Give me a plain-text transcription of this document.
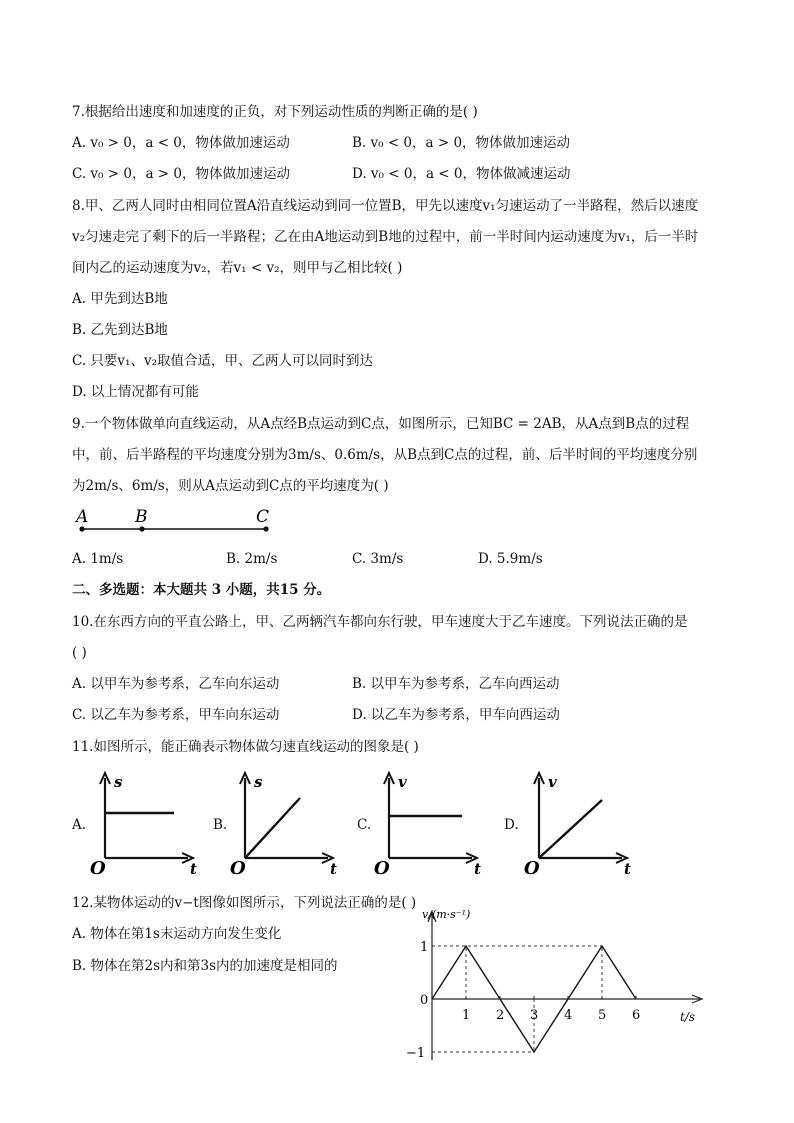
7.根据给出速度和加速度的正负，对下列运动性质的判断正确的是( )
A. v₀ > 0，a < 0，物体做加速运动	B. v₀ < 0，a > 0，物体做加速运动
C. v₀ > 0，a > 0，物体做加速运动	D. v₀ < 0，a < 0，物体做减速运动
8.甲、乙两人同时由相同位置A沿直线运动到同一位置B，甲先以速度v₁匀速运动了一半路程，然后以速度
v₂匀速走完了剩下的后一半路程；乙在由A地运动到B地的过程中，前一半时间内运动速度为v₁，后一半时
间内乙的运动速度为v₂，若v₁ < v₂，则甲与乙相比较( )
A. 甲先到达B地
B. 乙先到达B地
C. 只要v₁、v₂取值合适，甲、乙两人可以同时到达
D. 以上情况都有可能
9.一个物体做单向直线运动，从A点经B点运动到C点，如图所示，已知BC = 2AB，从A点到B点的过程
中，前、后半路程的平均速度分别为3m/s、0.6m/s，从B点到C点的过程，前、后半时间的平均速度分别
为2m/s、6m/s，则从A点运动到C点的平均速度为( )
A	B	C
A. 1m/s	B. 2m/s	C. 3m/s	D. 5.9m/s
二、多选题：本大题共 3 小题，共15 分。
10.在东西方向的平直公路上，甲、乙两辆汽车都向东行驶，甲车速度大于乙车速度。下列说法正确的是
( )
A. 以甲车为参考系，乙车向东运动	B. 以甲车为参考系，乙车向西运动
C. 以乙车为参考系，甲车向东运动	D. 以乙车为参考系，甲车向西运动
11.如图所示，能正确表示物体做匀速直线运动的图象是( )
A.
s
t
O
B.
s
t
O
C.
v
t
O
D.
v
t
O
12.某物体运动的v−t图像如图所示，下列说法正确的是( )
A. 物体在第1s末运动方向发生变化
B. 物体在第2s内和第3s内的加速度是相同的
1 2 3 4 5 6
1
−1
0
v/(m·s⁻¹)
t/s
